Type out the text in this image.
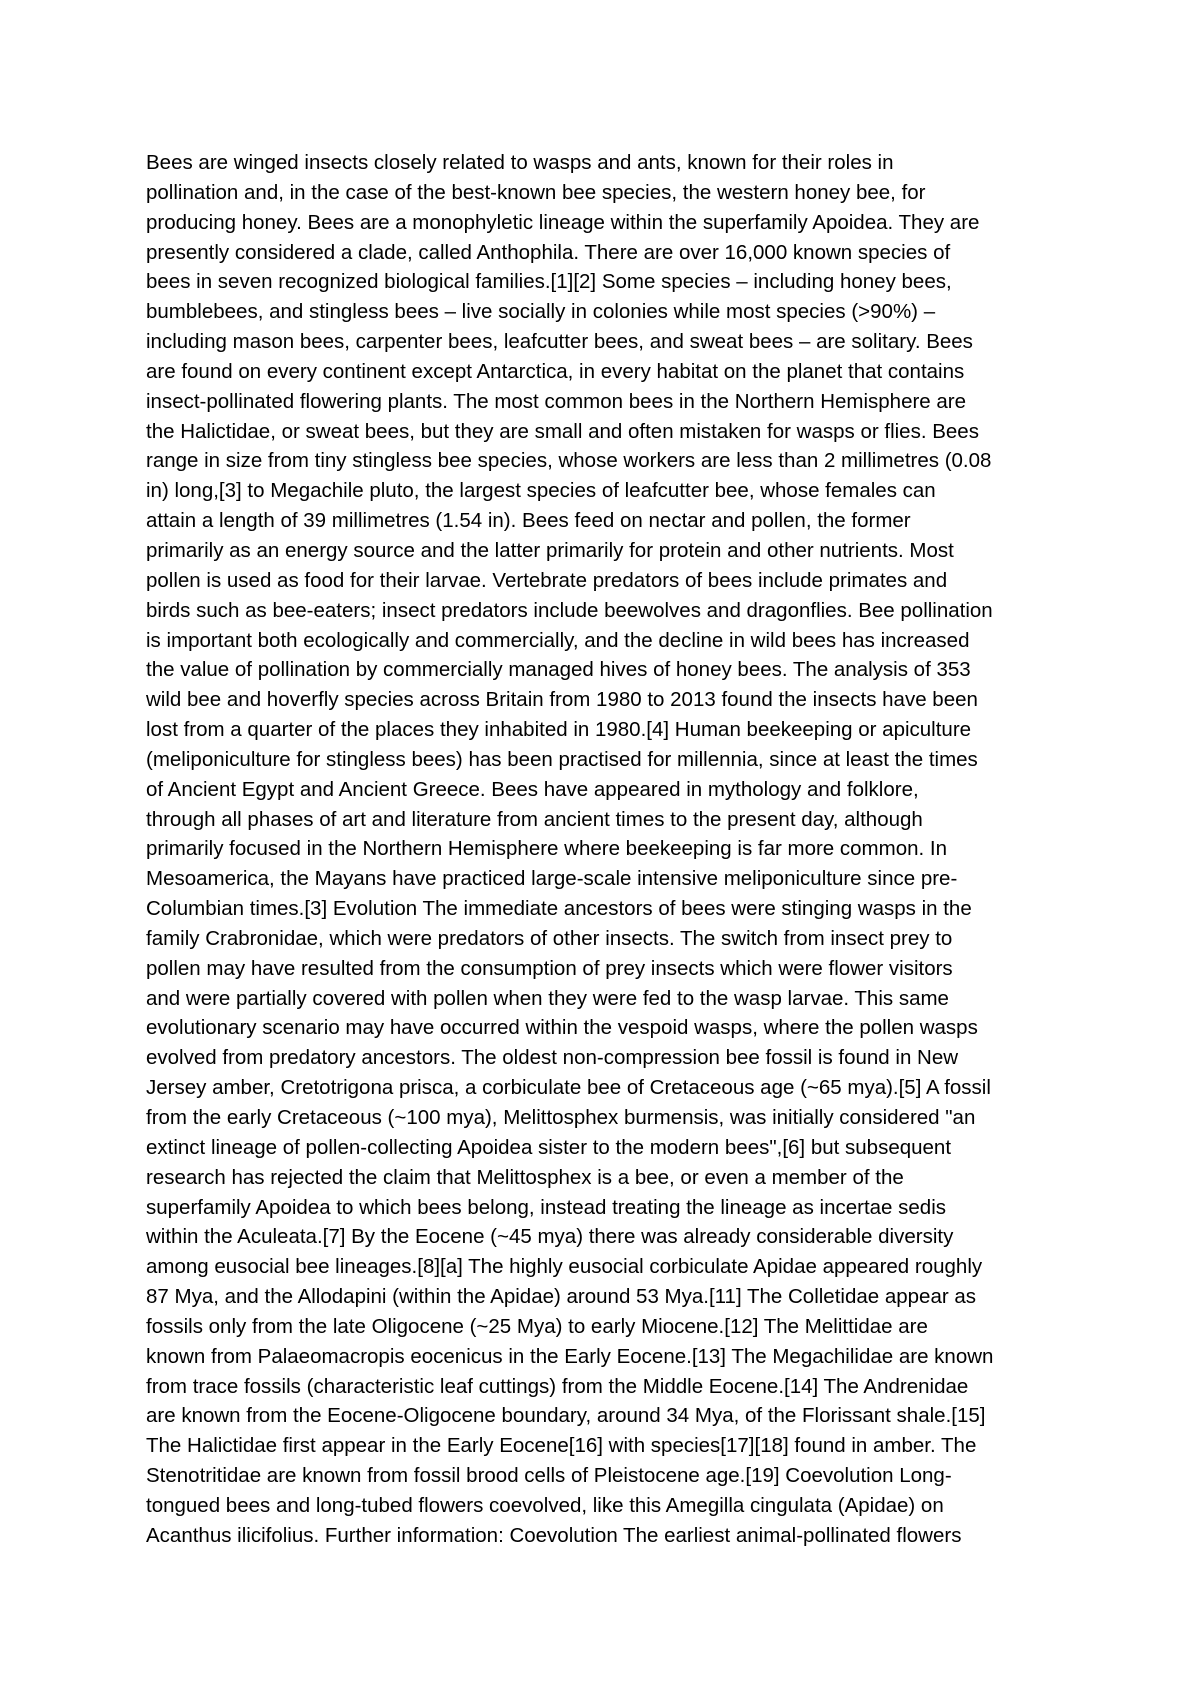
Bees are winged insects closely related to wasps and ants, known for their roles in
pollination and, in the case of the best-known bee species, the western honey bee, for
producing honey. Bees are a monophyletic lineage within the superfamily Apoidea. They are
presently considered a clade, called Anthophila. There are over 16,000 known species of
bees in seven recognized biological families.[1][2] Some species – including honey bees,
bumblebees, and stingless bees – live socially in colonies while most species (>90%) –
including mason bees, carpenter bees, leafcutter bees, and sweat bees – are solitary. Bees
are found on every continent except Antarctica, in every habitat on the planet that contains
insect-pollinated flowering plants. The most common bees in the Northern Hemisphere are
the Halictidae, or sweat bees, but they are small and often mistaken for wasps or flies. Bees
range in size from tiny stingless bee species, whose workers are less than 2 millimetres (0.08
in) long,[3] to Megachile pluto, the largest species of leafcutter bee, whose females can
attain a length of 39 millimetres (1.54 in). Bees feed on nectar and pollen, the former
primarily as an energy source and the latter primarily for protein and other nutrients. Most
pollen is used as food for their larvae. Vertebrate predators of bees include primates and
birds such as bee-eaters; insect predators include beewolves and dragonflies. Bee pollination
is important both ecologically and commercially, and the decline in wild bees has increased
the value of pollination by commercially managed hives of honey bees. The analysis of 353
wild bee and hoverfly species across Britain from 1980 to 2013 found the insects have been
lost from a quarter of the places they inhabited in 1980.[4] Human beekeeping or apiculture
(meliponiculture for stingless bees) has been practised for millennia, since at least the times
of Ancient Egypt and Ancient Greece. Bees have appeared in mythology and folklore,
through all phases of art and literature from ancient times to the present day, although
primarily focused in the Northern Hemisphere where beekeeping is far more common. In
Mesoamerica, the Mayans have practiced large-scale intensive meliponiculture since pre-
Columbian times.[3] Evolution The immediate ancestors of bees were stinging wasps in the
family Crabronidae, which were predators of other insects. The switch from insect prey to
pollen may have resulted from the consumption of prey insects which were flower visitors
and were partially covered with pollen when they were fed to the wasp larvae. This same
evolutionary scenario may have occurred within the vespoid wasps, where the pollen wasps
evolved from predatory ancestors. The oldest non-compression bee fossil is found in New
Jersey amber, Cretotrigona prisca, a corbiculate bee of Cretaceous age (~65 mya).[5] A fossil
from the early Cretaceous (~100 mya), Melittosphex burmensis, was initially considered "an
extinct lineage of pollen-collecting Apoidea sister to the modern bees",[6] but subsequent
research has rejected the claim that Melittosphex is a bee, or even a member of the
superfamily Apoidea to which bees belong, instead treating the lineage as incertae sedis
within the Aculeata.[7] By the Eocene (~45 mya) there was already considerable diversity
among eusocial bee lineages.[8][a] The highly eusocial corbiculate Apidae appeared roughly
87 Mya, and the Allodapini (within the Apidae) around 53 Mya.[11] The Colletidae appear as
fossils only from the late Oligocene (~25 Mya) to early Miocene.[12] The Melittidae are
known from Palaeomacropis eocenicus in the Early Eocene.[13] The Megachilidae are known
from trace fossils (characteristic leaf cuttings) from the Middle Eocene.[14] The Andrenidae
are known from the Eocene-Oligocene boundary, around 34 Mya, of the Florissant shale.[15]
The Halictidae first appear in the Early Eocene[16] with species[17][18] found in amber. The
Stenotritidae are known from fossil brood cells of Pleistocene age.[19] Coevolution Long-
tongued bees and long-tubed flowers coevolved, like this Amegilla cingulata (Apidae) on
Acanthus ilicifolius. Further information: Coevolution The earliest animal-pollinated flowers
